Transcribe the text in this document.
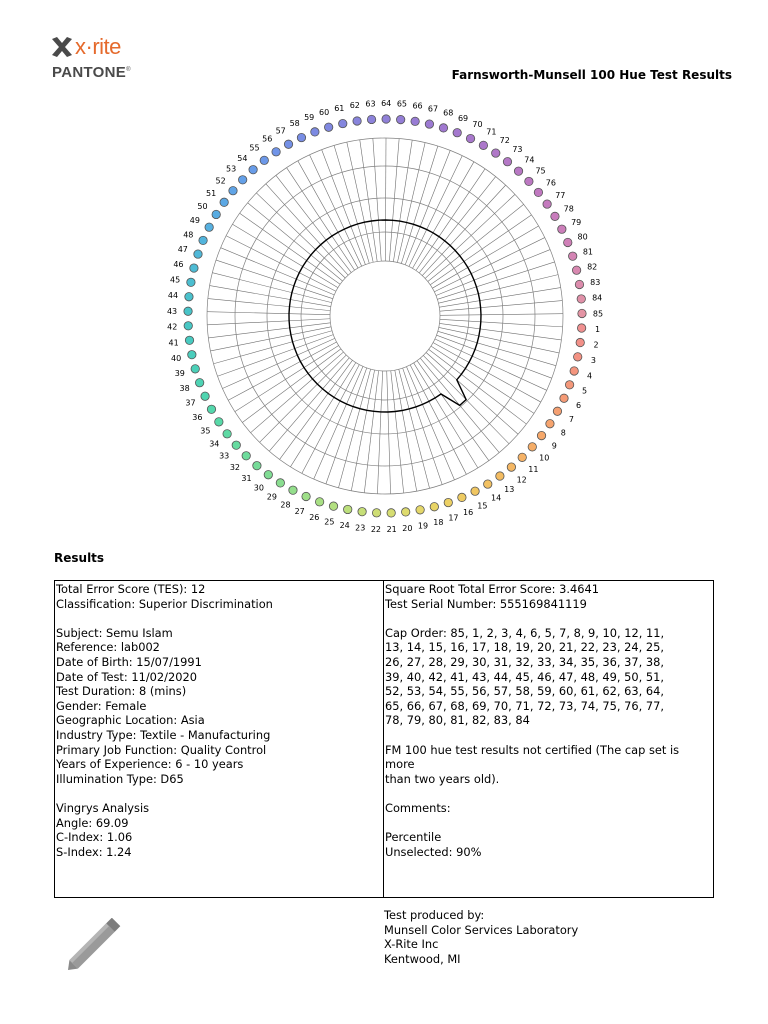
x·rite
PANTONE®	Farnsworth-Munsell 100 Hue Test Results
1
2
3
4
5
6
7
8
9
10
11
12
13
14
15
16
17
18
19
20
21
22
23
24
25
26
27
28
29
30
31
32
33
34
35
36
37
38
39
40
41
42
43
44
45
46
47
48
49
50
51
52
53
54
55
56
57
58
59
60 61 62 63 64 65 66 67 68
69
70
71
72
73
74
75
76
77
78
79
80
81
82
83
84
85
Results
Total Error Score (TES): 12
Classification: Superior Discrimination
Subject: Semu Islam
Reference: lab002
Date of Birth: 15/07/1991
Date of Test: 11/02/2020
Test Duration: 8 (mins)
Gender: Female
Geographic Location: Asia
Industry Type: Textile - Manufacturing
Primary Job Function: Quality Control
Years of Experience: 6 - 10 years
Illumination Type: D65
Vingrys Analysis
Angle: 69.09
C-Index: 1.06
S-Index: 1.24
Square Root Total Error Score: 3.4641
Test Serial Number: 555169841119
Cap Order: 85, 1, 2, 3, 4, 6, 5, 7, 8, 9, 10, 12, 11,
13, 14, 15, 16, 17, 18, 19, 20, 21, 22, 23, 24, 25,
26, 27, 28, 29, 30, 31, 32, 33, 34, 35, 36, 37, 38,
39, 40, 42, 41, 43, 44, 45, 46, 47, 48, 49, 50, 51,
52, 53, 54, 55, 56, 57, 58, 59, 60, 61, 62, 63, 64,
65, 66, 67, 68, 69, 70, 71, 72, 73, 74, 75, 76, 77,
78, 79, 80, 81, 82, 83, 84
FM 100 hue test results not certified (The cap set is more
than two years old).
Comments:
Percentile
Unselected: 90%
Test produced by:
Munsell Color Services Laboratory
X-Rite Inc
Kentwood, MI
